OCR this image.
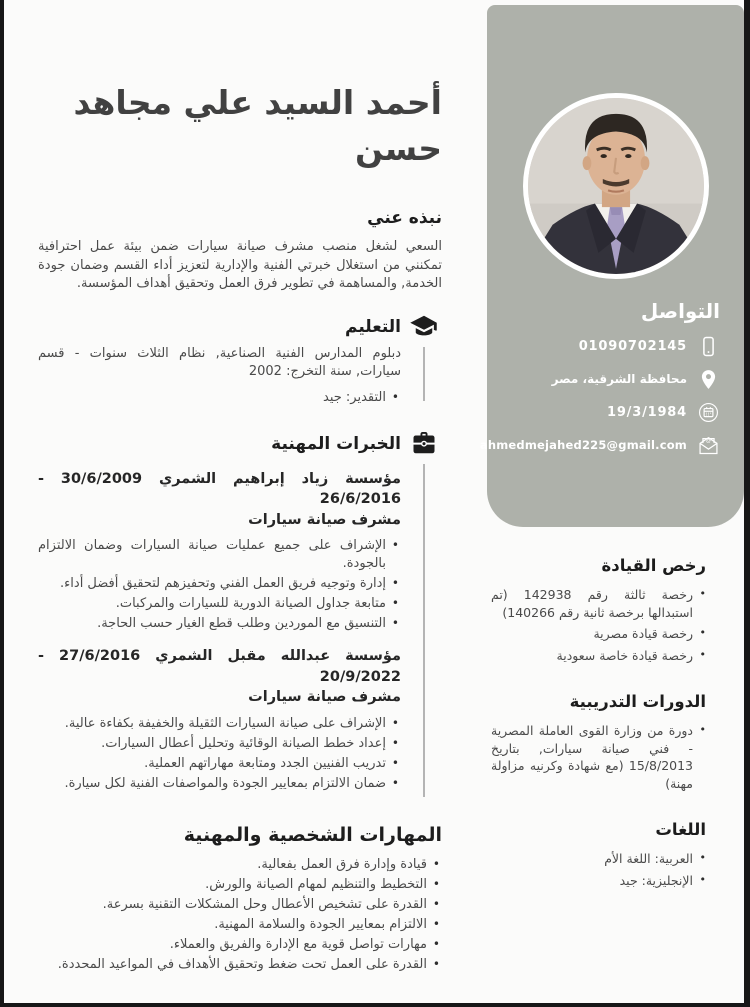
أحمد السيد علي مجاهد حسن
نبذه عني

السعي لشغل منصب مشرف صيانة سيارات ضمن بيئة عمل احترافية تمكنني من استغلال خبرتي الفنية والإدارية لتعزيز أداء القسم وضمان جودة الخدمة, والمساهمة في تطوير فرق العمل وتحقيق أهداف المؤسسة.

التعليم

دبلوم المدارس الفنية الصناعية, نظام الثلاث سنوات - قسم سيارات, سنة التخرج: 2002

• التقدير: جيد
الخبرات المهنية
مؤسسة زياد إبراهيم الشمري 30/6/2009 - 26/6/2016
مشرف صيانة سيارات
• الإشراف على جميع عمليات صيانة السيارات وضمان الالتزام بالجودة.
• إدارة وتوجيه فريق العمل الفني وتحفيزهم لتحقيق أفضل أداء.
• متابعة جداول الصيانة الدورية للسيارات والمركبات.
• التنسيق مع الموردين وطلب قطع الغيار حسب الحاجة.
مؤسسة عبدالله مقبل الشمري 27/6/2016 - 20/9/2022
مشرف صيانة سيارات
• الإشراف على صيانة السيارات الثقيلة والخفيفة بكفاءة عالية.
• إعداد خطط الصيانة الوقائية وتحليل أعطال السيارات.
• تدريب الفنيين الجدد ومتابعة مهاراتهم العملية.
• ضمان الالتزام بمعايير الجودة والمواصفات الفنية لكل سيارة.
المهارات الشخصية والمهنية
• قيادة وإدارة فرق العمل بفعالية.
• التخطيط والتنظيم لمهام الصيانة والورش.
• القدرة على تشخيص الأعطال وحل المشكلات التقنية بسرعة.
• الالتزام بمعايير الجودة والسلامة المهنية.
• مهارات تواصل قوية مع الإدارة والفريق والعملاء.
• القدرة على العمل تحت ضغط وتحقيق الأهداف في المواعيد المحددة.
التواصل
01090702145
محافظة الشرقية، مصر
19/3/1984
@
ahmedmejahed225@gmail.com
رخص القيادة
• رخصة ثالثة رقم 142938 (تم استبدالها برخصة ثانية رقم 140266)
• رخصة قيادة مصرية
• رخصة قيادة خاصة سعودية
الدورات التدريبية
• دورة من وزارة القوى العاملة المصرية - فني صيانة سيارات, بتاريخ 15/8/2013 (مع شهادة وكرنيه مزاولة مهنة)
اللغات
• العربية: اللغة الأم
• الإنجليزية: جيد
